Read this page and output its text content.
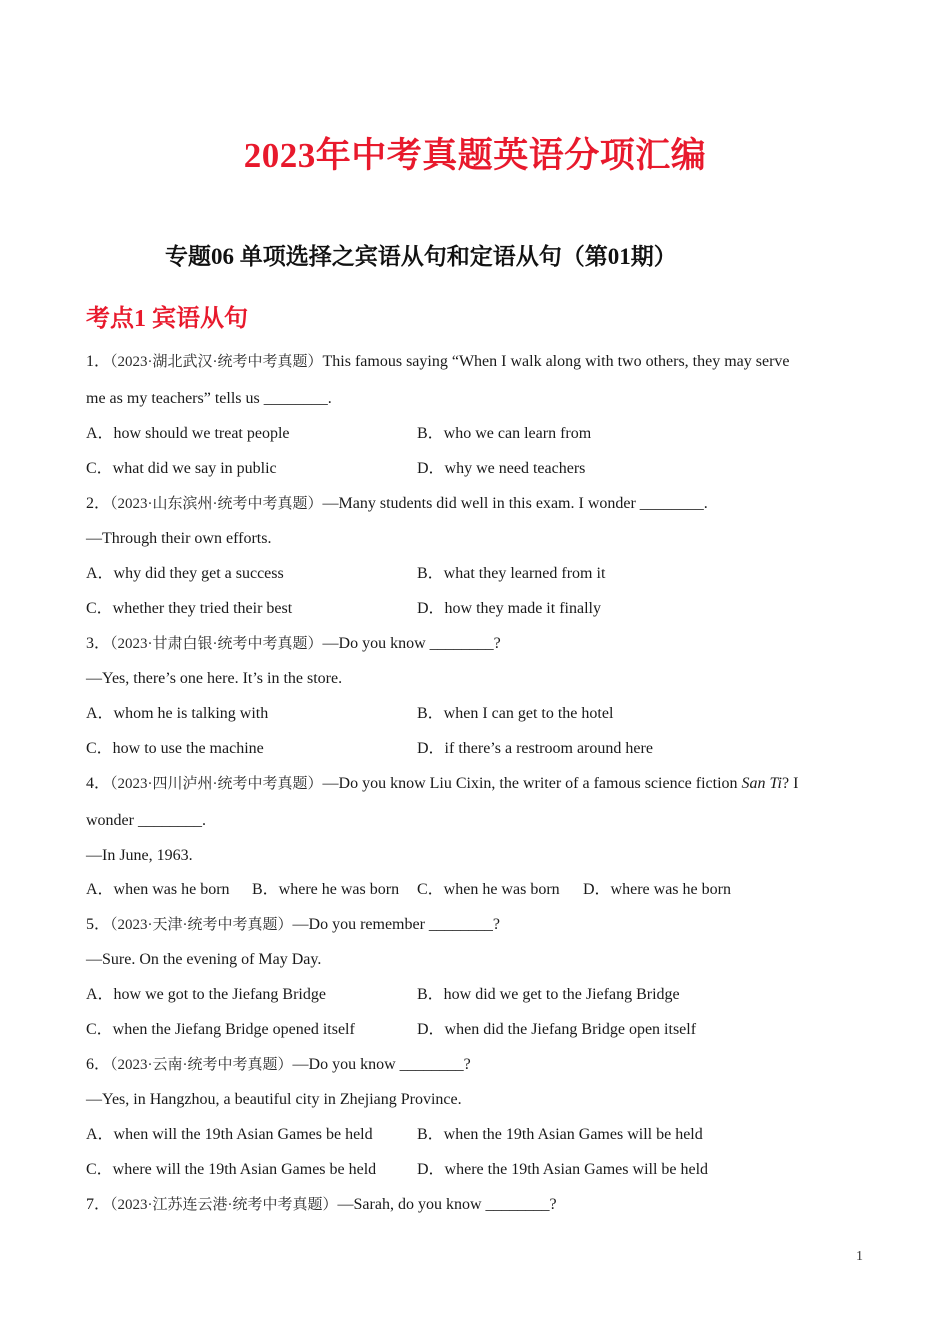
2023年中考真题英语分项汇编
专题06 单项选择之宾语从句和定语从句（第01期）
考点1 宾语从句
1．（2023·湖北武汉·统考中考真题）This famous saying “When I walk along with two others, they may serve
me as my teachers” tells us ________.
A．how should we treat people	B．who we can learn from
C．what did we say in public	D．why we need teachers
2．（2023·山东滨州·统考中考真题）—Many students did well in this exam. I wonder ________.
—Through their own efforts.
A．why did they get a success	B．what they learned from it
C．whether they tried their best	D．how they made it finally
3．（2023·甘肃白银·统考中考真题）—Do you know ________?
—Yes, there’s one here. It’s in the store.
A．whom he is talking with	B．when I can get to the hotel
C．how to use the machine	D．if there’s a restroom around here
4．（2023·四川泸州·统考中考真题）—Do you know Liu Cixin, the writer of a famous science fiction San Ti? I
wonder ________.
—In June, 1963.
A．when was he born B．where he was born C．when he was born D．where was he born
5．（2023·天津·统考中考真题）—Do you remember ________?
—Sure. On the evening of May Day.
A．how we got to the Jiefang Bridge	B．how did we get to the Jiefang Bridge
C．when the Jiefang Bridge opened itself	D．when did the Jiefang Bridge open itself
6．（2023·云南·统考中考真题）—Do you know ________?
—Yes, in Hangzhou, a beautiful city in Zhejiang Province.
A．when will the 19th Asian Games be held	B．when the 19th Asian Games will be held
C．where will the 19th Asian Games be held	D．where the 19th Asian Games will be held
7．（2023·江苏连云港·统考中考真题）—Sarah, do you know ________?
1
